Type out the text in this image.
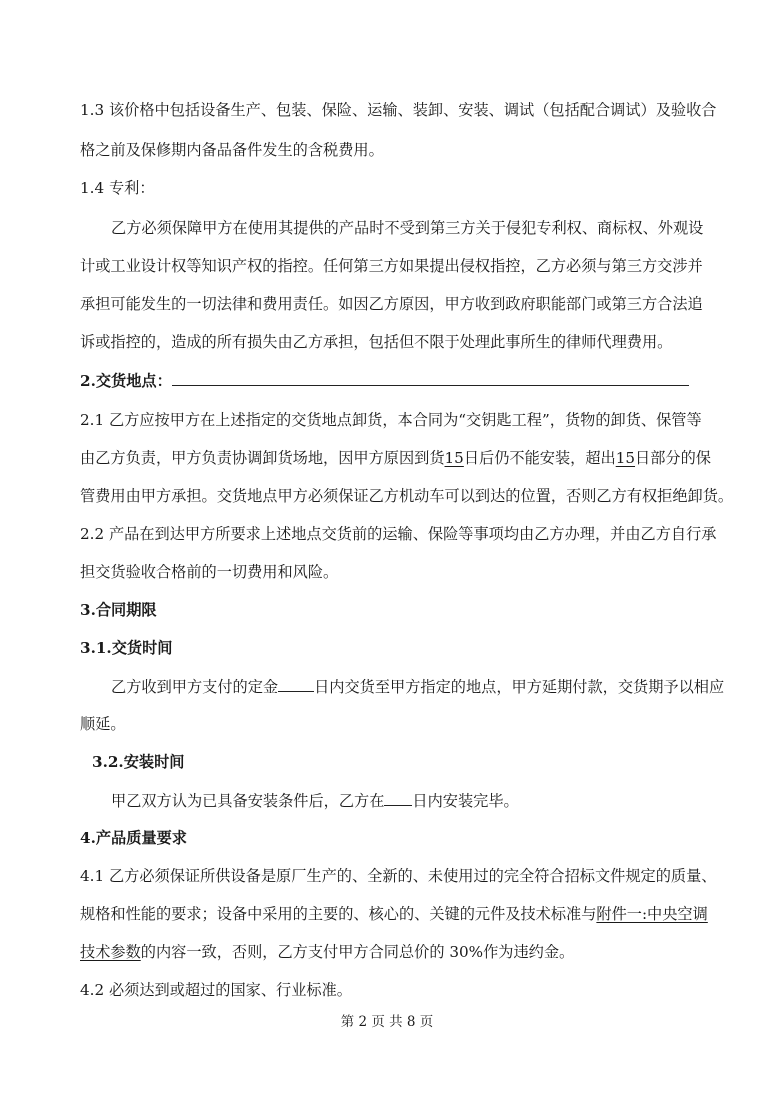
1.3 该价格中包括设备生产、包装、保险、运输、装卸、安装、调试（包括配合调试）及验收合
格之前及保修期内备品备件发生的含税费用。
1.4 专利：
乙方必须保障甲方在使用其提供的产品时不受到第三方关于侵犯专利权、商标权、外观设
计或工业设计权等知识产权的指控。任何第三方如果提出侵权指控，乙方必须与第三方交涉并
承担可能发生的一切法律和费用责任。如因乙方原因，甲方收到政府职能部门或第三方合法追
诉或指控的，造成的所有损失由乙方承担，包括但不限于处理此事所生的律师代理费用。
2.交货地点：
2.1 乙方应按甲方在上述指定的交货地点卸货，本合同为“交钥匙工程”，货物的卸货、保管等
由乙方负责，甲方负责协调卸货场地，因甲方原因到货15日后仍不能安装，超出15日部分的保
管费用由甲方承担。交货地点甲方必须保证乙方机动车可以到达的位置，否则乙方有权拒绝卸货。
2.2 产品在到达甲方所要求上述地点交货前的运输、保险等事项均由乙方办理，并由乙方自行承
担交货验收合格前的一切费用和风险。
3.合同期限
3.1.交货时间
乙方收到甲方支付的定金 日内交货至甲方指定的地点，甲方延期付款，交货期予以相应
顺延。
3.2.安装时间
甲乙双方认为已具备安装条件后，乙方在 日内安装完毕。
4.产品质量要求
4.1 乙方必须保证所供设备是原厂生产的、全新的、未使用过的完全符合招标文件规定的质量、
规格和性能的要求；设备中采用的主要的、核心的、关键的元件及技术标准与附件一:中央空调
技术参数的内容一致，否则，乙方支付甲方合同总价的 30%作为违约金。
4.2 必须达到或超过的国家、行业标准。
第 2 页 共 8 页
